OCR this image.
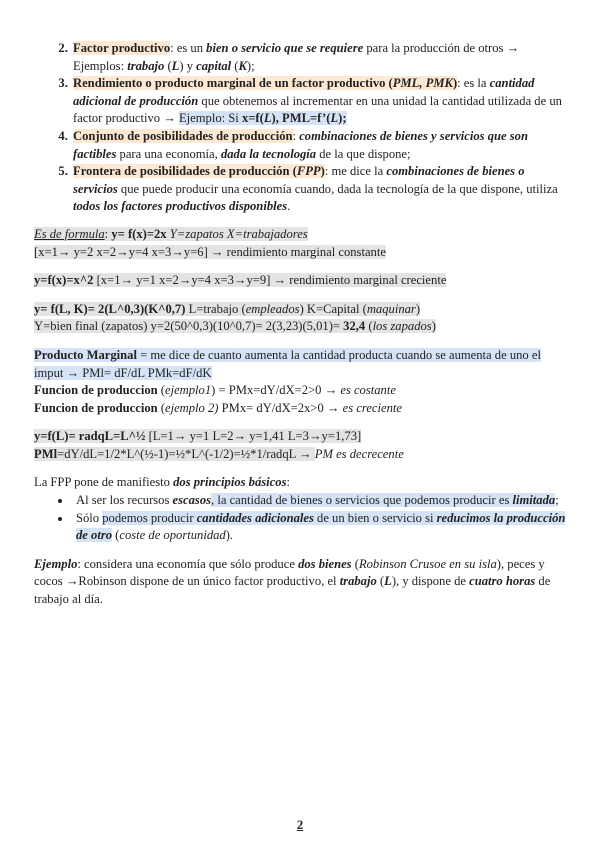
2. Factor productivo: es un bien o servicio que se requiere para la producción de otros → Ejemplos: trabajo (L) y capital (K);
3. Rendimiento o producto marginal de un factor productivo (PML, PMK): es la cantidad adicional de producción que obtenemos al incrementar en una unidad la cantidad utilizada de un factor productivo → Ejemplo: Si x=f(L), PML=f’(L);
4. Conjunto de posibilidades de producción: combinaciones de bienes y servicios que son factibles para una economía, dada la tecnología de la que dispone;
5. Frontera de posibilidades de producción (FPP): me dice la combinaciones de bienes o servicios que puede producir una economía cuando, dada la tecnología de la que dispone, utiliza todos los factores productivos disponibles.

Es de formula: y= f(x)=2x Y=zapatos X=trabajadores

[x=1→ y=2 x=2→y=4 x=3→y=6] → rendimiento marginal constante

y=f(x)=x^2 [x=1→ y=1 x=2→y=4 x=3→y=9] → rendimiento marginal creciente

y= f(L, K)= 2(L^0,3)(K^0,7) L=trabajo (empleados) K=Capital (maquinar)

Y=bien final (zapatos) y=2(50^0,3)(10^0,7)= 2(3,23)(5,01)= 32,4 (los zapados)

Producto Marginal = me dice de cuanto aumenta la cantidad producta cuando se aumenta de uno el imput → PMl= dF/dL PMk=dF/dK

Funcion de produccion (ejemplo1) = PMx=dY/dX=2>0 → es costante

Funcion de produccion (ejemplo 2) PMx= dY/dX=2x>0 → es creciente

y=f(L)= radqL=L^½ [L=1→ y=1 L=2→ y=1,41 L=3→y=1,73]

PMl=dY/dL=1/2*L^(½-1)=½*L^(-1/2)=½*1/radqL → PM es decrecente

La FPP pone de manifiesto dos principios básicos:

• Al ser los recursos escasos, la cantidad de bienes o servicios que podemos producir es limitada;
• Sólo podemos producir cantidades adicionales de un bien o servicio si reducimos la producción de otro (coste de oportunidad).

Ejemplo: considera una economía que sólo produce dos bienes (Robinson Crusoe en su isla), peces y cocos →Robinson dispone de un único factor productivo, el trabajo (L), y dispone de cuatro horas de trabajo al día.

2
